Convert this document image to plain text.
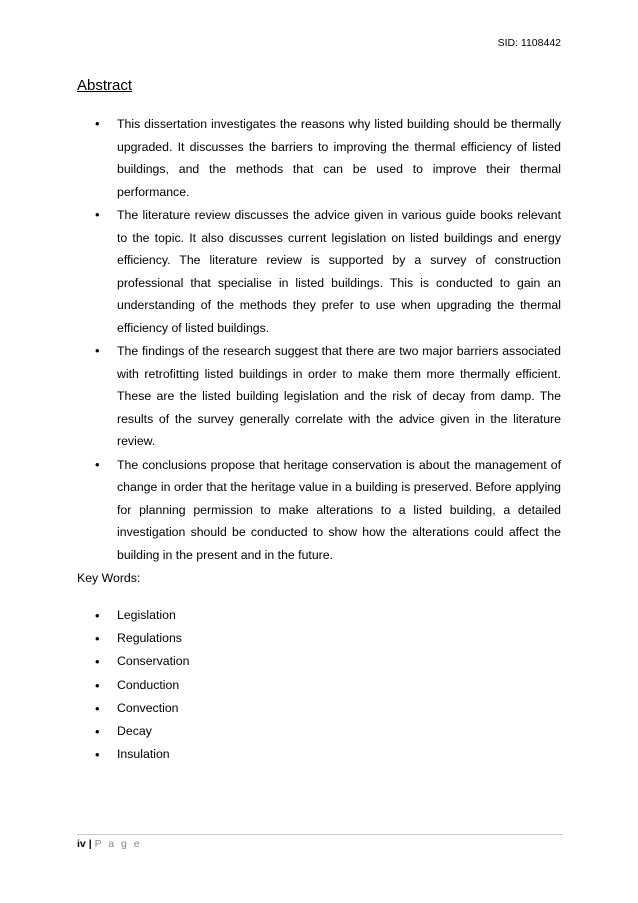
SID: 1108442
Abstract
• This dissertation investigates the reasons why listed building should be thermally upgraded. It discusses the barriers to improving the thermal efficiency of listed buildings, and the methods that can be used to improve their thermal performance.
• The literature review discusses the advice given in various guide books relevant to the topic. It also discusses current legislation on listed buildings and energy efficiency. The literature review is supported by a survey of construction professional that specialise in listed buildings. This is conducted to gain an understanding of the methods they prefer to use when upgrading the thermal efficiency of listed buildings.
• The findings of the research suggest that there are two major barriers associated with retrofitting listed buildings in order to make them more thermally efficient. These are the listed building legislation and the risk of decay from damp. The results of the survey generally correlate with the advice given in the literature review.
• The conclusions propose that heritage conservation is about the management of change in order that the heritage value in a building is preserved. Before applying for planning permission to make alterations to a listed building, a detailed investigation should be conducted to show how the alterations could affect the building in the present and in the future.
Key Words:
• Legislation
• Regulations
• Conservation
• Conduction
• Convection
• Decay
• Insulation
iv | P a g e
